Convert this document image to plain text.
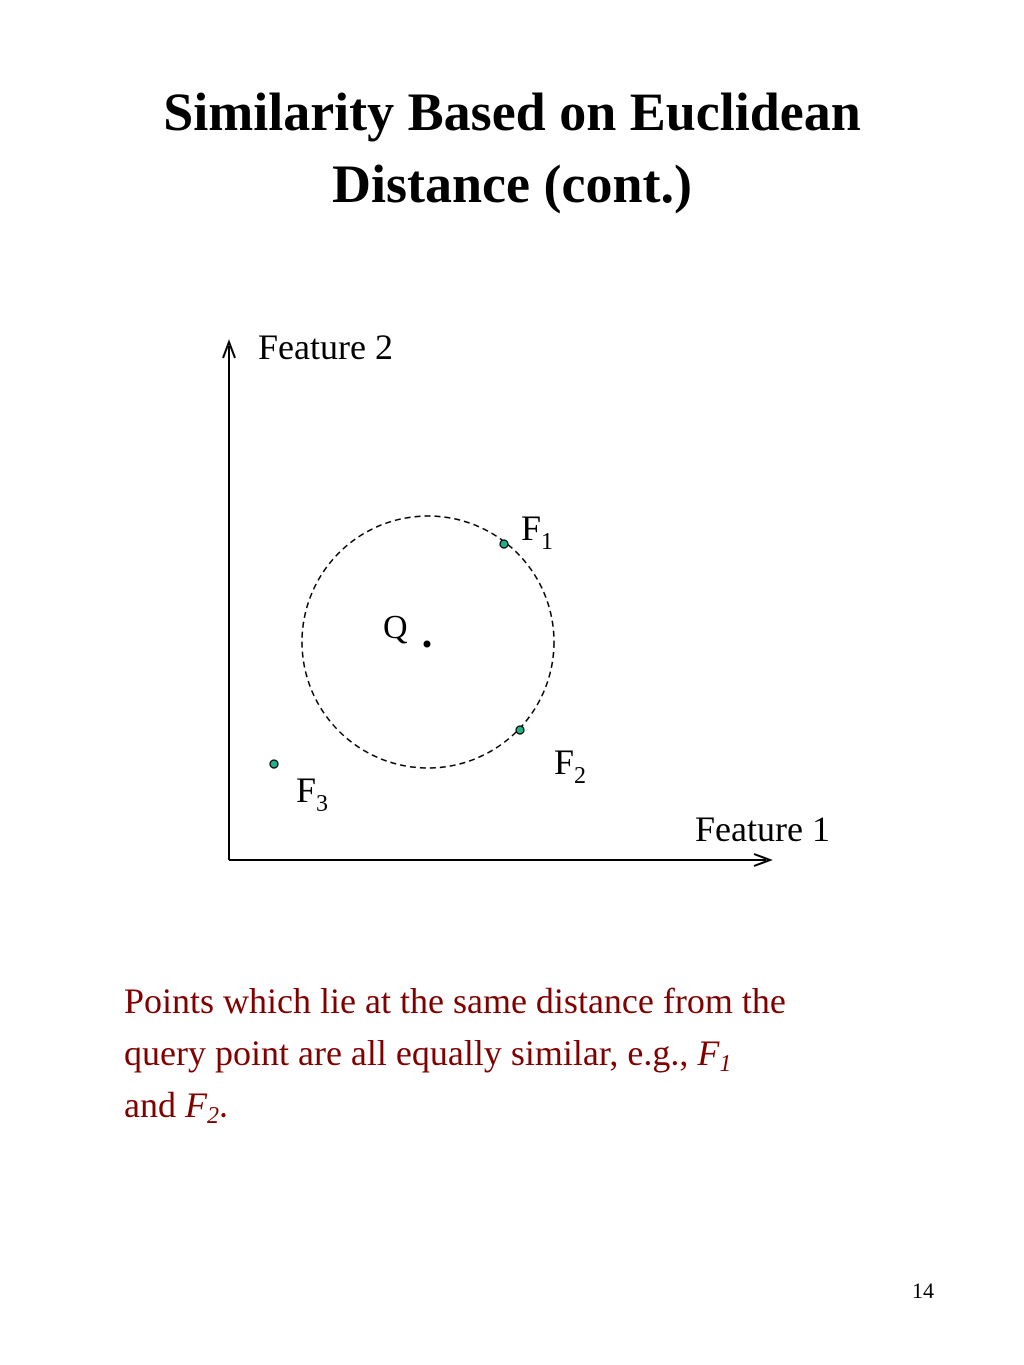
Similarity Based on Euclidean
Distance (cont.)
Feature 2
Feature 1
Q
$F_1$
$F_2$
$F_3$

Points which lie at the same distance from the
query point are all equally similar, e.g., $F_1$
and $F_2$.

14
